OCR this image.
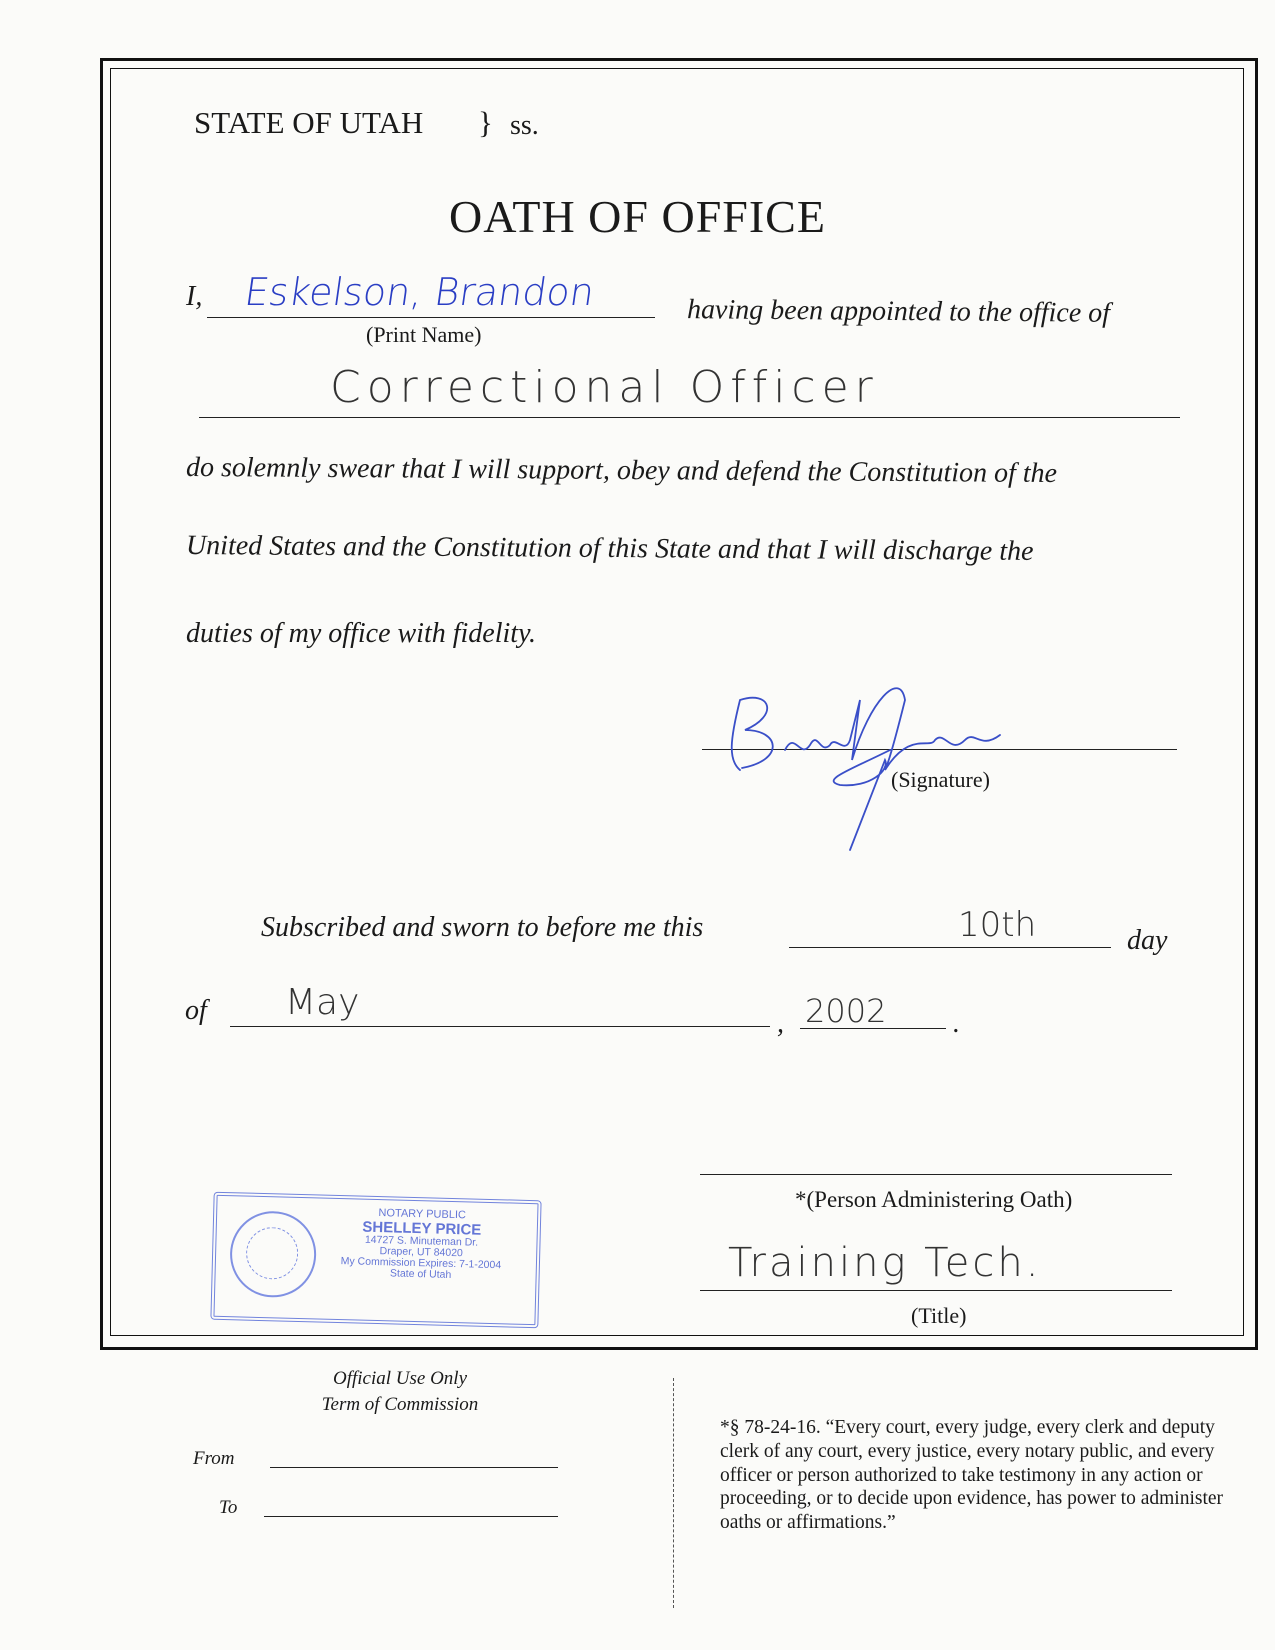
STATE OF UTAH } ss.
OATH OF OFFICE
I, Eskelson, Brandon
(Print Name)
having been appointed to the office of
Correctional Officer
do solemnly swear that I will support, obey and defend the Constitution of the
United States and the Constitution of this State and that I will discharge the
duties of my office with fidelity.
(Signature)
Subscribed and sworn to before me this	10th	day
of May
, 2002 .
*(Person Administering Oath)
Training Tech.
(Title)
NOTARY PUBLIC
SHELLEY PRICE
14727 S. Minuteman Dr.
Draper, UT 84020
My Commission Expires: 7-1-2004
State of Utah
Official Use Only
Term of Commission
From
To
*§ 78-24-16. “Every court, every judge, every clerk and deputy clerk of any court, every justice, every notary public, and every officer or person authorized to take testimony in any action or proceeding, or to decide upon evidence, has power to administer oaths or affirmations.”
